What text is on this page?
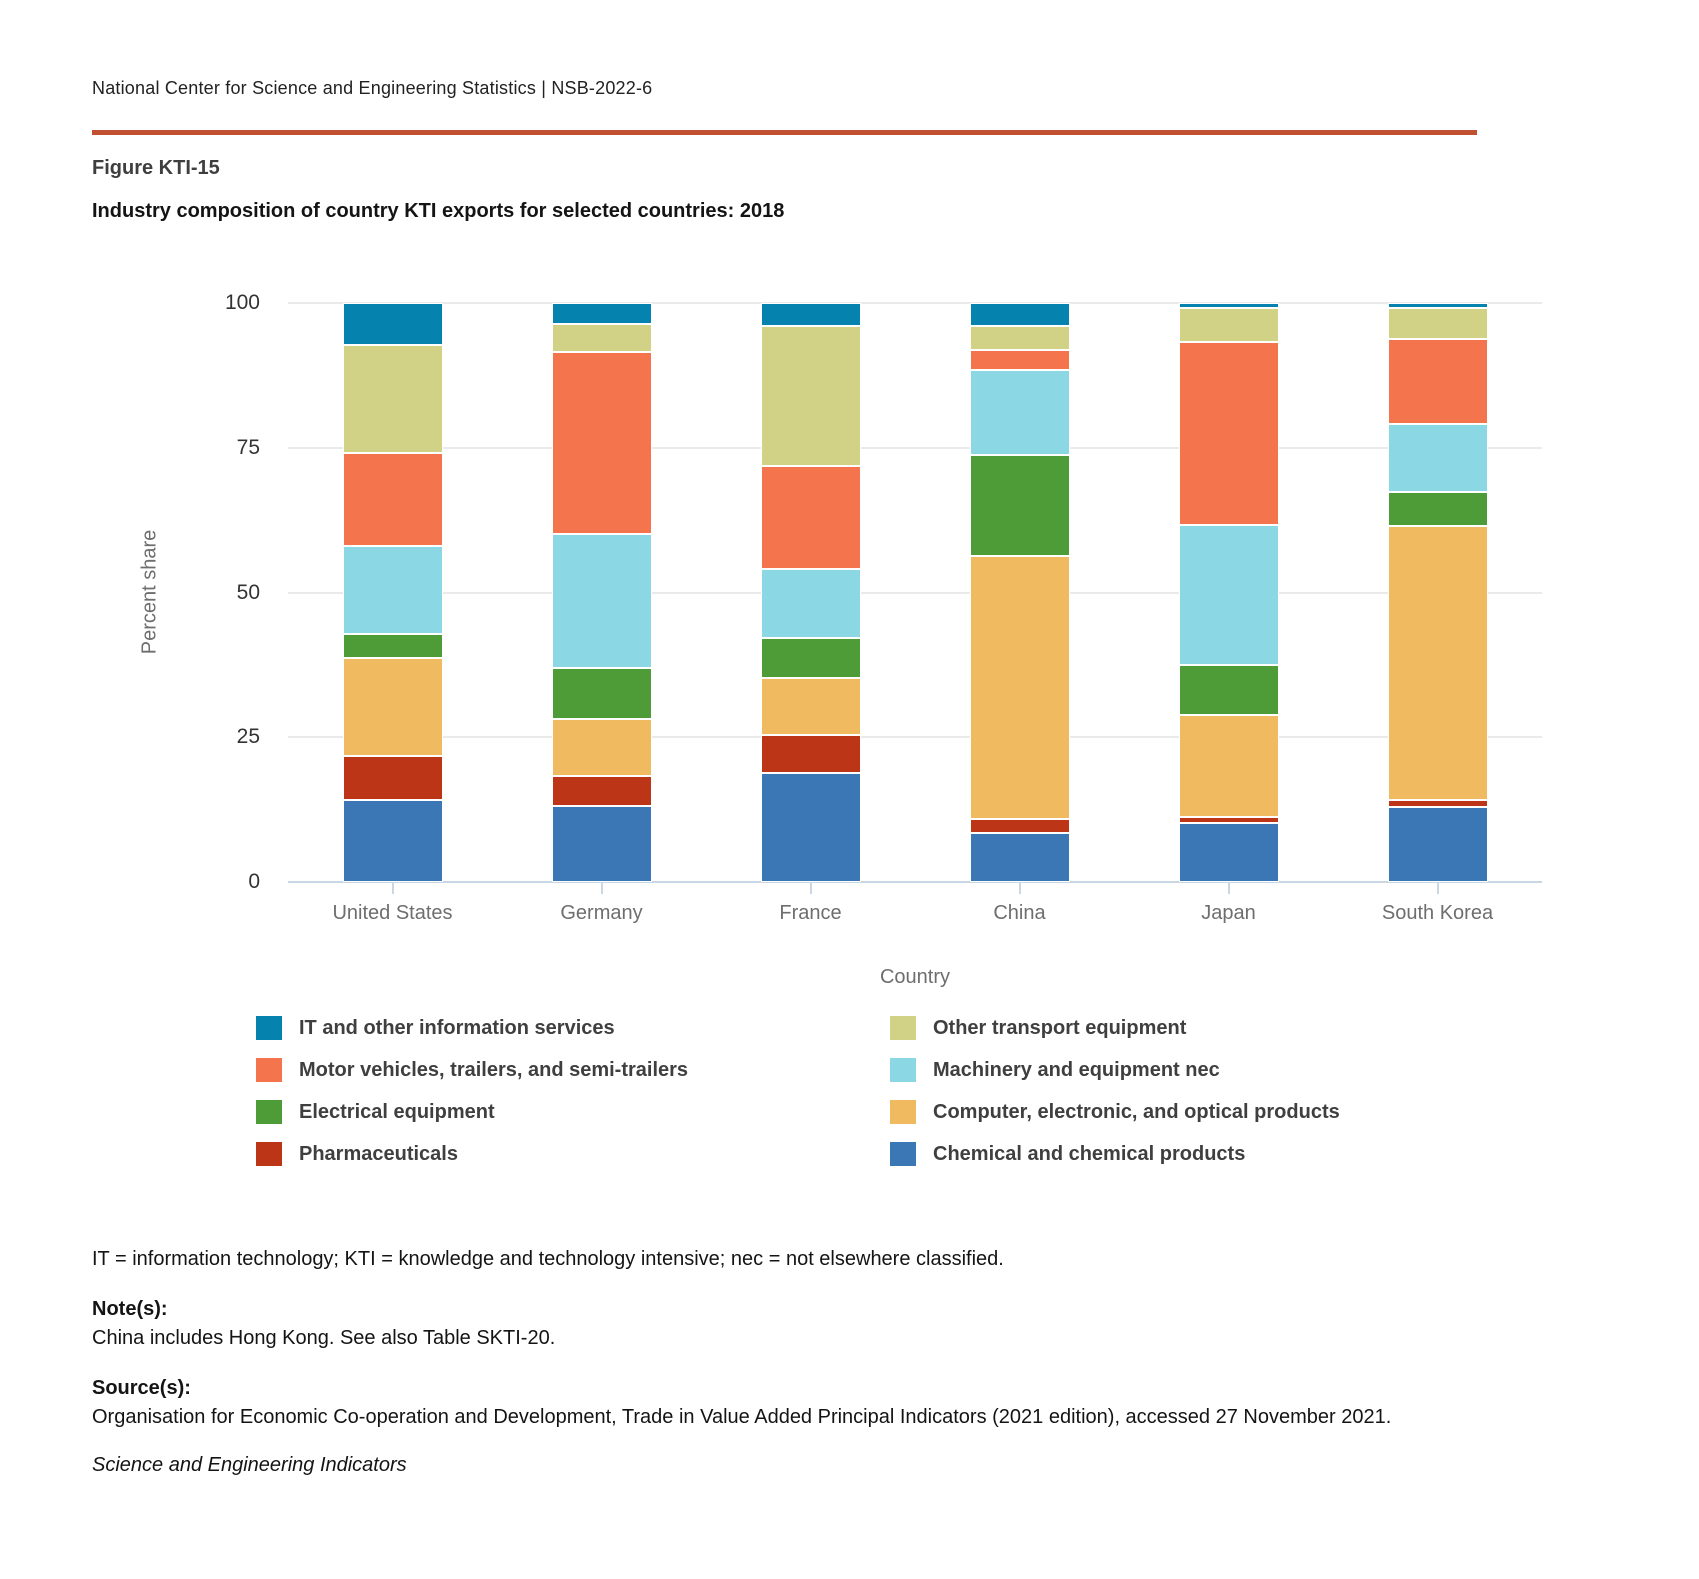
National Center for Science and Engineering Statistics | NSB-2022-6
Figure KTI-15
Industry composition of country KTI exports for selected countries: 2018
Percent share
0
25
50
75
100
United States	Germany	France	China	Japan	South Korea
Country
IT and other information services
Motor vehicles, trailers, and semi-trailers
Electrical equipment
Pharmaceuticals
Other transport equipment
Machinery and equipment nec
Computer, electronic, and optical products
Chemical and chemical products
IT = information technology; KTI = knowledge and technology intensive; nec = not elsewhere classified.
Note(s):
China includes Hong Kong. See also Table SKTI-20.
Source(s):
Organisation for Economic Co-operation and Development, Trade in Value Added Principal Indicators (2021 edition), accessed 27 November 2021.
Science and Engineering Indicators
